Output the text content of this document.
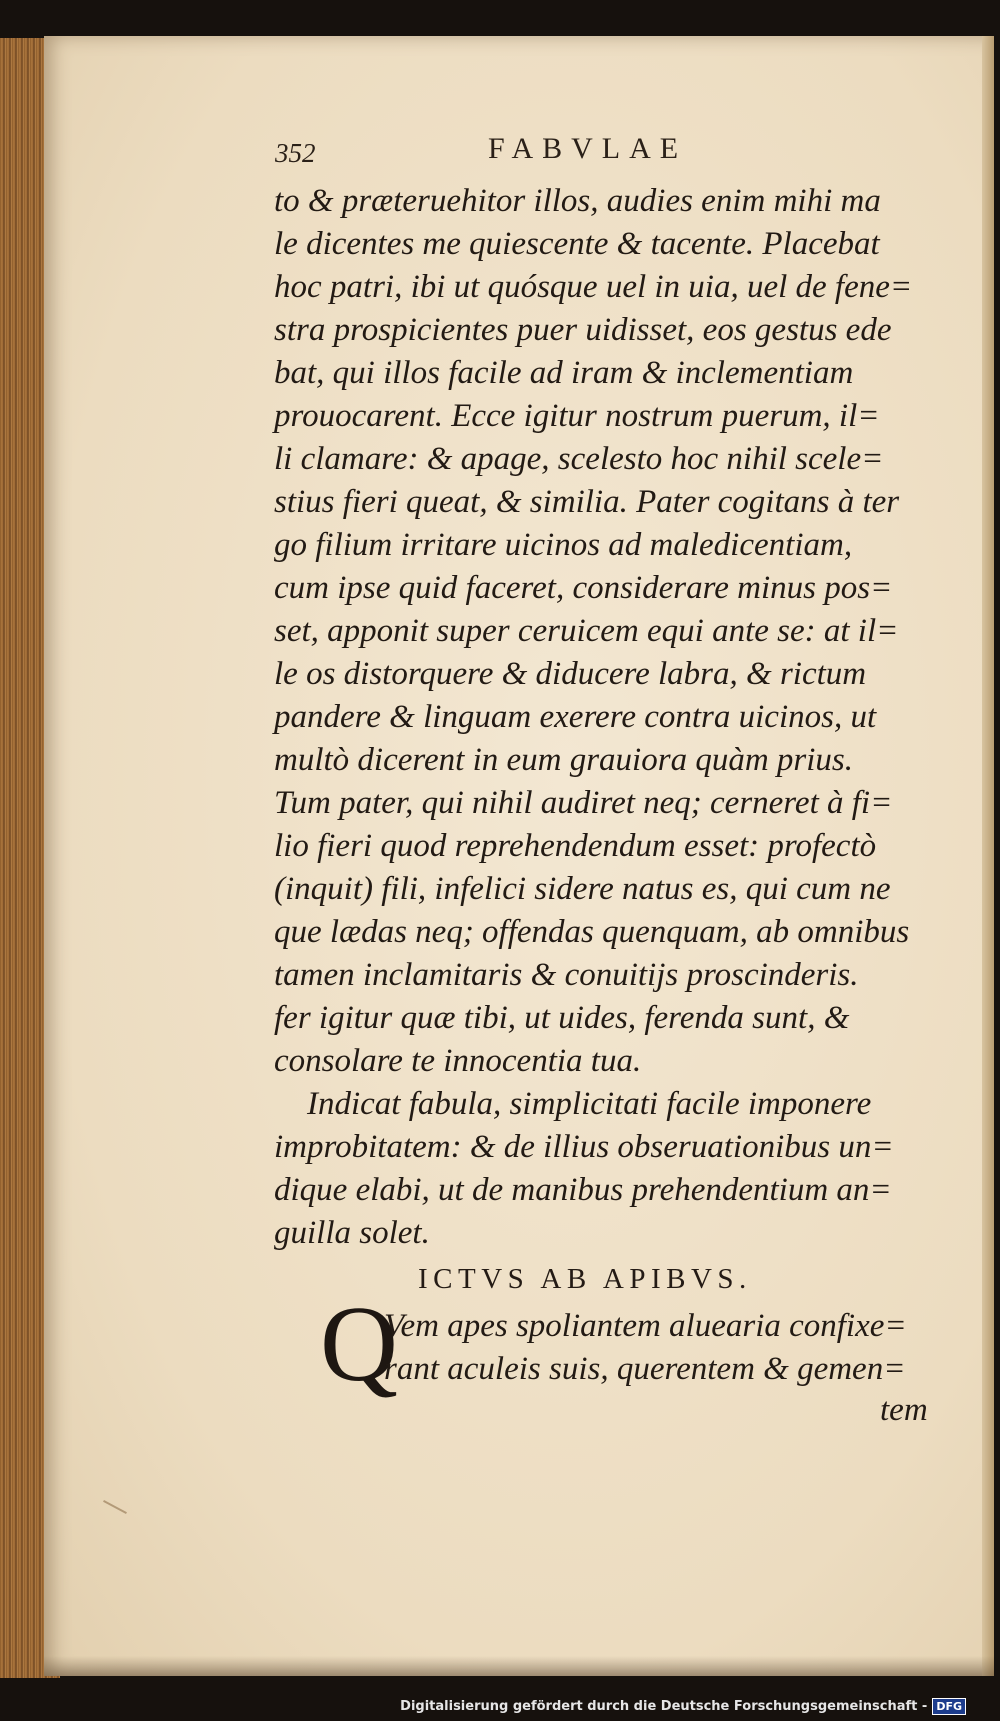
352	FABVLAE
to & præteruehitor illos, audies enim mihi ma
le dicentes me quiescente & tacente. Placebat
hoc patri, ibi ut quósque uel in uia, uel de fene=
stra prospicientes puer uidisset, eos gestus ede
bat, qui illos facile ad iram & inclementiam
prouocarent. Ecce igitur nostrum puerum, il=
li clamare: & apage, scelesto hoc nihil scele=
stius fieri queat, & similia. Pater cogitans à ter
go filium irritare uicinos ad maledicentiam,
cum ipse quid faceret, considerare minus pos=
set, apponit super ceruicem equi ante se: at il=
le os distorquere & diducere labra, & rictum
pandere & linguam exerere contra uicinos, ut
multò dicerent in eum grauiora quàm prius.
Tum pater, qui nihil audiret neq; cerneret à fi=
lio fieri quod reprehendendum esset: profectò
(inquit) fili, infelici sidere natus es, qui cum ne
que lædas neq; offendas quenquam, ab omnibus
tamen inclamitaris & conuitijs proscinderis.
fer igitur quæ tibi, ut uides, ferenda sunt, &
consolare te innocentia tua.
Indicat fabula, simplicitati facile imponere
improbitatem: & de illius obseruationibus un=
dique elabi, ut de manibus prehendentium an=
guilla solet.
ICTVS AB APIBVS.
Q
Vem apes spoliantem aluearia confixe=
rant aculeis suis, querentem & gemen=
tem
Digitalisierung gefördert durch die Deutsche Forschungsgemeinschaft - DFG
